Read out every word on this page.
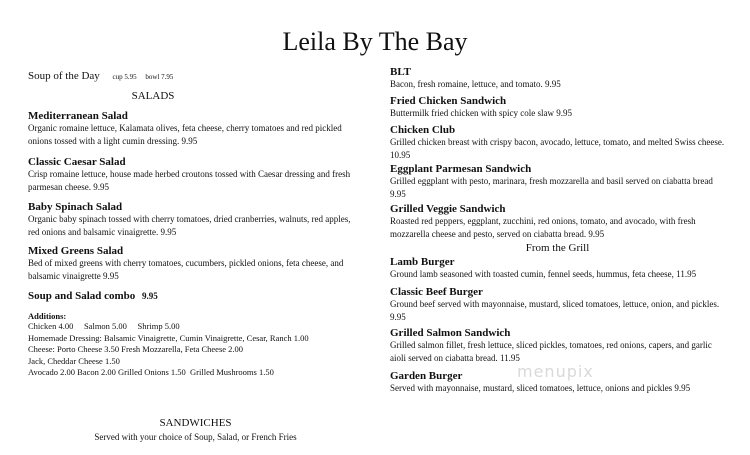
Leila By The Bay
Soup of the Day cup 5.95 bowl 7.95
SALADS
Mediterranean Salad
Organic romaine lettuce, Kalamata olives, feta cheese, cherry tomatoes and red pickled onions tossed with a light cumin dressing. 9.95
Classic Caesar Salad
Crisp romaine lettuce, house made herbed croutons tossed with Caesar dressing and fresh parmesan cheese. 9.95
Baby Spinach Salad
Organic baby spinach tossed with cherry tomatoes, dried cranberries, walnuts, red apples, red onions and balsamic vinaigrette. 9.95
Mixed Greens Salad
Bed of mixed greens with cherry tomatoes, cucumbers, pickled onions, feta cheese, and balsamic vinaigrette 9.95
Soup and Salad combo 9.95
Additions:
Chicken 4.00     Salmon 5.00     Shrimp 5.00
Homemade Dressing: Balsamic Vinaigrette, Cumin Vinaigrette, Cesar, Ranch 1.00
Cheese: Porto Cheese 3.50 Fresh Mozzarella, Feta Cheese 2.00
Jack, Cheddar Cheese 1.50
Avocado 2.00 Bacon 2.00 Grilled Onions 1.50  Grilled Mushrooms 1.50
SANDWICHES
Served with your choice of Soup, Salad, or French Fries
BLT
Bacon, fresh romaine, lettuce, and tomato. 9.95
Fried Chicken Sandwich
Buttermilk fried chicken with spicy cole slaw 9.95
Chicken Club
Grilled chicken breast with crispy bacon, avocado, lettuce, tomato, and melted Swiss cheese. 10.95
Eggplant Parmesan Sandwich
Grilled eggplant with pesto, marinara, fresh mozzarella and basil served on ciabatta bread 9.95
Grilled Veggie Sandwich
Roasted red peppers, eggplant, zucchini, red onions, tomato, and avocado, with fresh mozzarella cheese and pesto, served on ciabatta bread. 9.95
From the Grill
Lamb Burger
Ground lamb seasoned with toasted cumin, fennel seeds, hummus, feta cheese, 11.95
Classic Beef Burger
Ground beef served with mayonnaise, mustard, sliced tomatoes, lettuce, onion, and pickles. 9.95
Grilled Salmon Sandwich
Grilled salmon fillet, fresh lettuce, sliced pickles, tomatoes, red onions, capers, and garlic aioli served on ciabatta bread. 11.95
Garden Burger
Served with mayonnaise, mustard, sliced tomatoes, lettuce, onions and pickles 9.95
menupix
